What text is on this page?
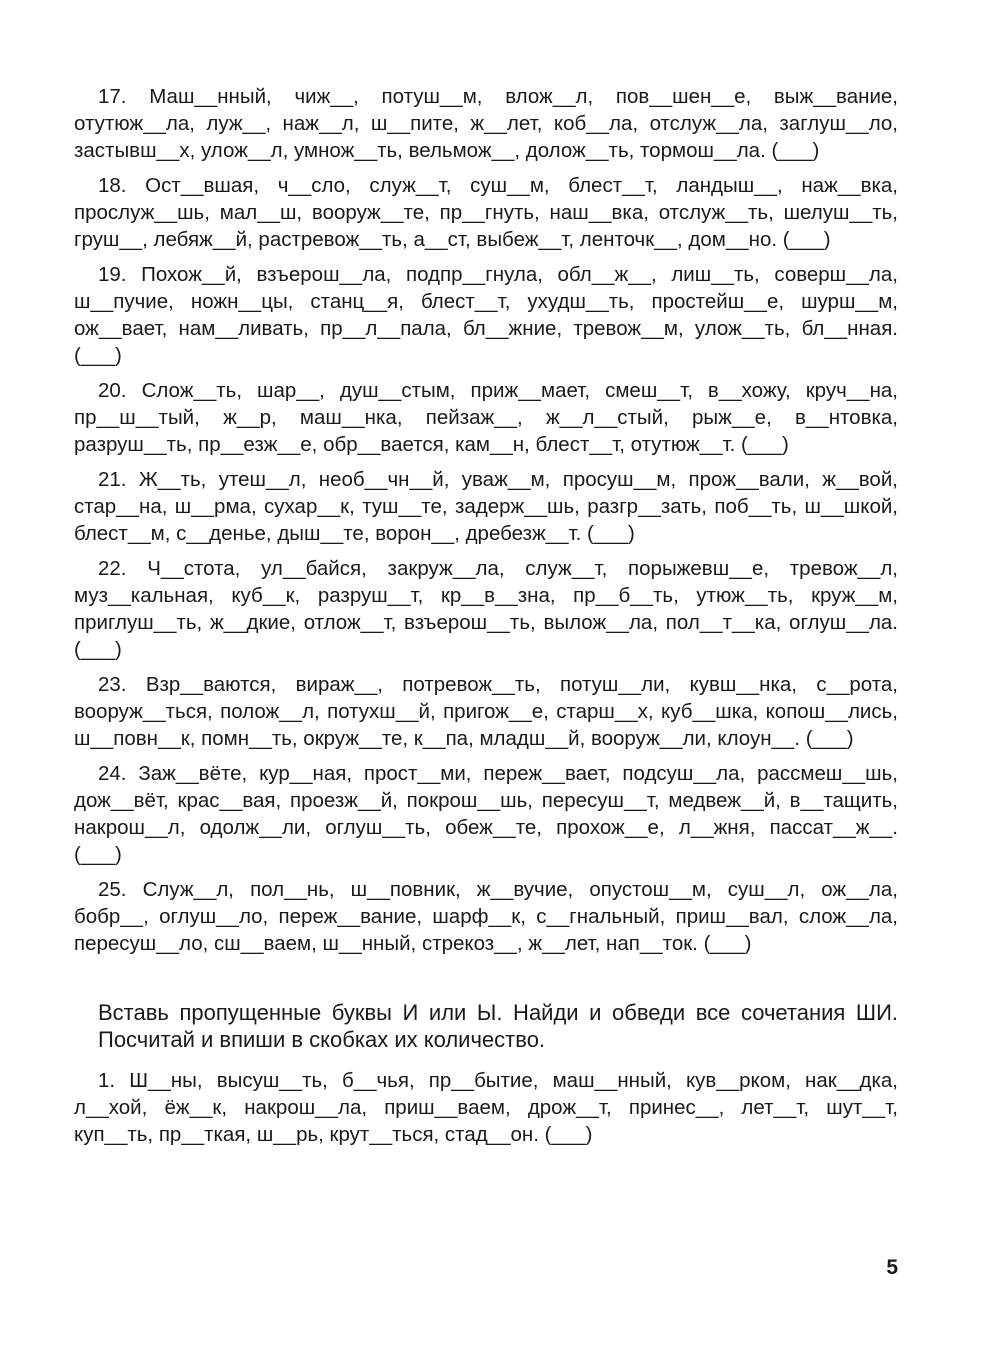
17. Маш__нный, чиж__, потуш__м, влож__л, пов__шен__е, выж__вание, отутюж__ла, луж__, наж__л, ш__пите, ж__лет, коб__ла, отслуж__ла, заглуш__ло, застывш__х, улож__л, умнож__ть, вельмож__, долож__ть, тормош__ла. (___)

18. Ост__вшая, ч__сло, служ__т, суш__м, блест__т, ландыш__, наж__вка, прослуж__шь, мал__ш, вооруж__те, пр__гнуть, наш__вка, отслуж__ть, шелуш__ть, груш__, лебяж__й, растревож__ть, а__ст, выбеж__т, ленточк__, дом__но. (___)

19. Похож__й, взъерош__ла, подпр__гнула, обл__ж__, лиш__ть, соверш__ла, ш__пучие, ножн__цы, станц__я, блест__т, ухудш__ть, простейш__е, шурш__м, ож__вает, нам__ливать, пр__л__пала, бл__жние, тревож__м, улож__ть, бл__нная. (___)

20. Слож__ть, шар__, душ__стым, приж__мает, смеш__т, в__хожу, круч__на, пр__ш__тый, ж__р, маш__нка, пейзаж__, ж__л__стый, рыж__е, в__нтовка, разруш__ть, пр__езж__е, обр__вается, кам__н, блест__т, отутюж__т. (___)

21. Ж__ть, утеш__л, необ__чн__й, уваж__м, просуш__м, прож__вали, ж__вой, стар__на, ш__рма, сухар__к, туш__те, задерж__шь, разгр__зать, поб__ть, ш__шкой, блест__м, с__денье, дыш__те, ворон__, дребезж__т. (___)

22. Ч__стота, ул__байся, закруж__ла, служ__т, порыжевш__е, тревож__л, муз__кальная, куб__к, разруш__т, кр__в__зна, пр__б__ть, утюж__ть, круж__м, приглуш__ть, ж__дкие, отлож__т, взъерош__ть, вылож__ла, пол__т__ка, оглуш__ла. (___)

23. Взр__ваются, вираж__, потревож__ть, потуш__ли, кувш__нка, с__рота, вооруж__ться, полож__л, потухш__й, пригож__е, старш__х, куб__шка, копош__лись, ш__повн__к, помн__ть, окруж__те, к__па, младш__й, вооруж__ли, клоун__. (___)

24. Заж__вёте, кур__ная, прост__ми, переж__вает, подсуш__ла, рассмеш__шь, дож__вёт, крас__вая, проезж__й, покрош__шь, пересуш__т, медвеж__й, в__тащить, накрош__л, одолж__ли, оглуш__ть, обеж__те, прохож__е, л__жня, пассат__ж__. (___)

25. Служ__л, пол__нь, ш__повник, ж__вучие, опустош__м, суш__л, ож__ла, бобр__, оглуш__ло, переж__вание, шарф__к, с__гнальный, приш__вал, слож__ла, пересуш__ло, сш__ваем, ш__нный, стрекоз__, ж__лет, нап__ток. (___)

Вставь пропущенные буквы И или Ы. Найди и обведи все сочетания ШИ. Посчитай и впиши в скобках их количество.

1. Ш__ны, высуш__ть, б__чья, пр__бытие, маш__нный, кув__рком, нак__дка, л__хой, ёж__к, накрош__ла, приш__ваем, дрож__т, принес__, лет__т, шут__т, куп__ть, пр__ткая, ш__рь, крут__ться, стад__он. (___)

5
